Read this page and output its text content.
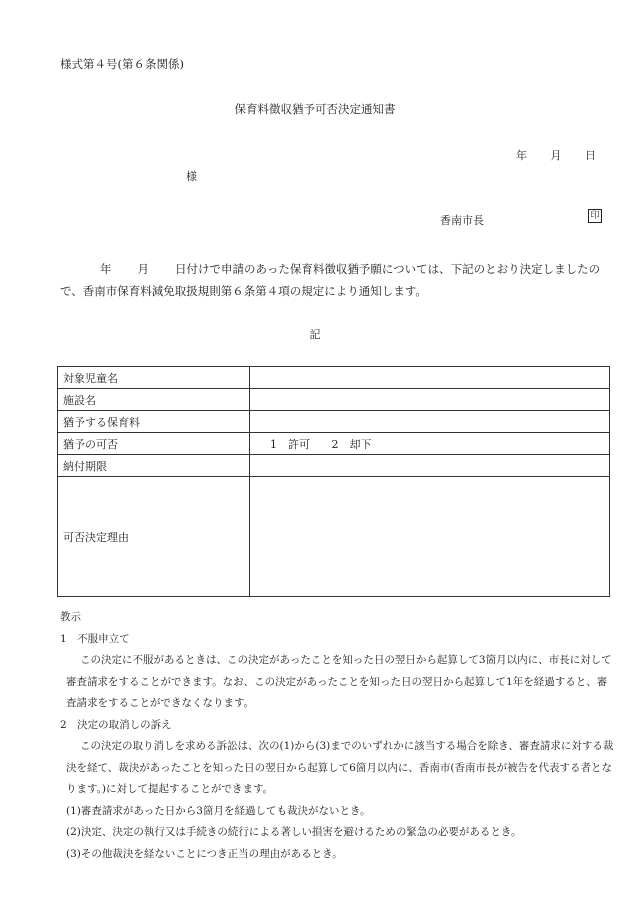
様式第４号(第６条関係)
保育料徴収猶予可否決定通知書
年 月 日
様
香南市長	印
年 月 日付けで申請のあった保育料徴収猶予願については、下記のとおり決定しましたので、香南市保育料減免取扱規則第６条第４項の規定により通知します。
記
対象児童名	
施設名	
猶予する保育料	
猶予の可否	1　許可 2　却下
納付期限	
可否決定理由	
教示
1　不服申立て
この決定に不服があるときは、この決定があったことを知った日の翌日から起算して3箇月以内に、市長に対して審査請求をすることができます。なお、この決定があったことを知った日の翌日から起算して1年を経過すると、審査請求をすることができなくなります。
2　決定の取消しの訴え
この決定の取り消しを求める訴訟は、次の(1)から(3)までのいずれかに該当する場合を除き、審査請求に対する裁決を経て、裁決があったことを知った日の翌日から起算して6箇月以内に、香南市(香南市長が被告を代表する者となります。)に対して提起することができます。
(1)審査請求があった日から3箇月を経過しても裁決がないとき。
(2)決定、決定の執行又は手続きの続行による著しい損害を避けるための緊急の必要があるとき。
(3)その他裁決を経ないことにつき正当の理由があるとき。
